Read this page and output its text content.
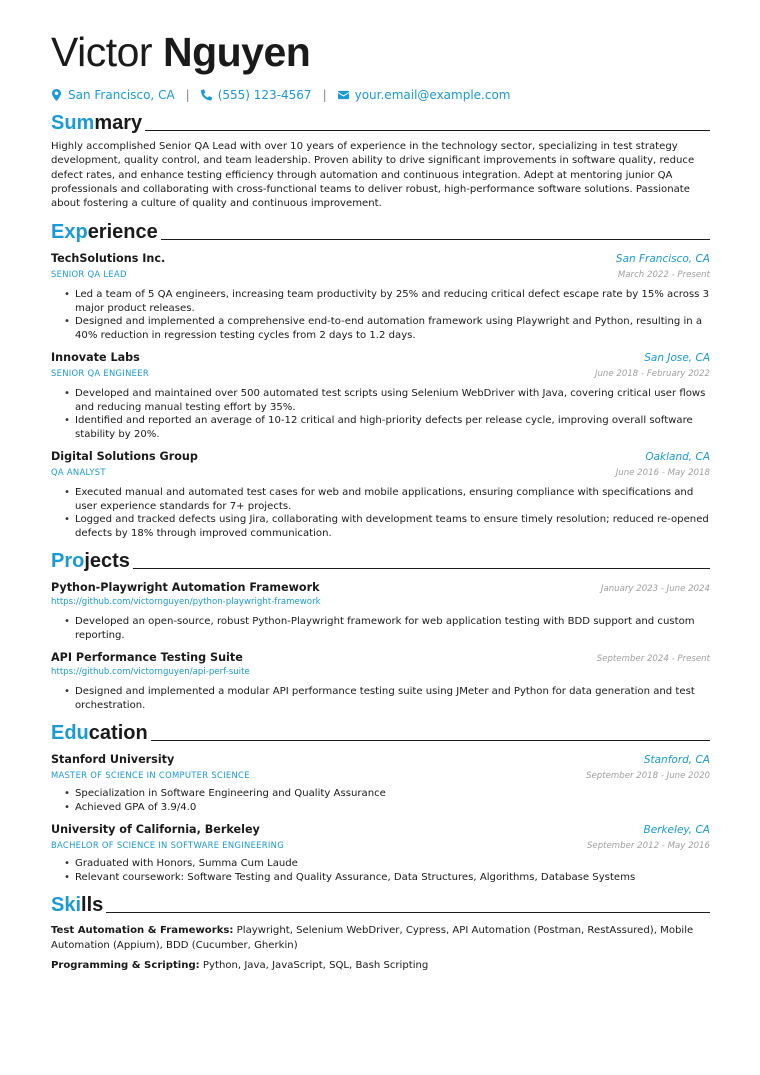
Victor Nguyen
San Francisco, CA | (555) 123-4567 | your.email@example.com
Summary

Highly accomplished Senior QA Lead with over 10 years of experience in the technology sector, specializing in test strategy development, quality control, and team leadership. Proven ability to drive significant improvements in software quality, reduce defect rates, and enhance testing efficiency through automation and continuous integration. Adept at mentoring junior QA professionals and collaborating with cross-functional teams to deliver robust, high-performance software solutions. Passionate about fostering a culture of quality and continuous improvement.

Experience
TechSolutions Inc.	San Francisco, CA
SENIOR QA LEAD	March 2022 - Present
• Led a team of 5 QA engineers, increasing team productivity by 25% and reducing critical defect escape rate by 15% across 3 major product releases.
• Designed and implemented a comprehensive end-to-end automation framework using Playwright and Python, resulting in a 40% reduction in regression testing cycles from 2 days to 1.2 days.
Innovate Labs	San Jose, CA
SENIOR QA ENGINEER	June 2018 - February 2022
• Developed and maintained over 500 automated test scripts using Selenium WebDriver with Java, covering critical user flows and reducing manual testing effort by 35%.
• Identified and reported an average of 10-12 critical and high-priority defects per release cycle, improving overall software stability by 20%.
Digital Solutions Group	Oakland, CA
QA ANALYST	June 2016 - May 2018
• Executed manual and automated test cases for web and mobile applications, ensuring compliance with specifications and user experience standards for 7+ projects.
• Logged and tracked defects using Jira, collaborating with development teams to ensure timely resolution; reduced re-opened defects by 18% through improved communication.
Projects
Python-Playwright Automation Framework	January 2023 - June 2024
https://github.com/victornguyen/python-playwright-framework
• Developed an open-source, robust Python-Playwright framework for web application testing with BDD support and custom reporting.
API Performance Testing Suite	September 2024 - Present
https://github.com/victornguyen/api-perf-suite
• Designed and implemented a modular API performance testing suite using JMeter and Python for data generation and test orchestration.
Education
Stanford University	Stanford, CA
MASTER OF SCIENCE IN COMPUTER SCIENCE	September 2018 - June 2020
• Specialization in Software Engineering and Quality Assurance
• Achieved GPA of 3.9/4.0
University of California, Berkeley	Berkeley, CA
BACHELOR OF SCIENCE IN SOFTWARE ENGINEERING	September 2012 - May 2016
• Graduated with Honors, Summa Cum Laude
• Relevant coursework: Software Testing and Quality Assurance, Data Structures, Algorithms, Database Systems
Skills

Test Automation & Frameworks: Playwright, Selenium WebDriver, Cypress, API Automation (Postman, RestAssured), Mobile Automation (Appium), BDD (Cucumber, Gherkin)

Programming & Scripting: Python, Java, JavaScript, SQL, Bash Scripting
